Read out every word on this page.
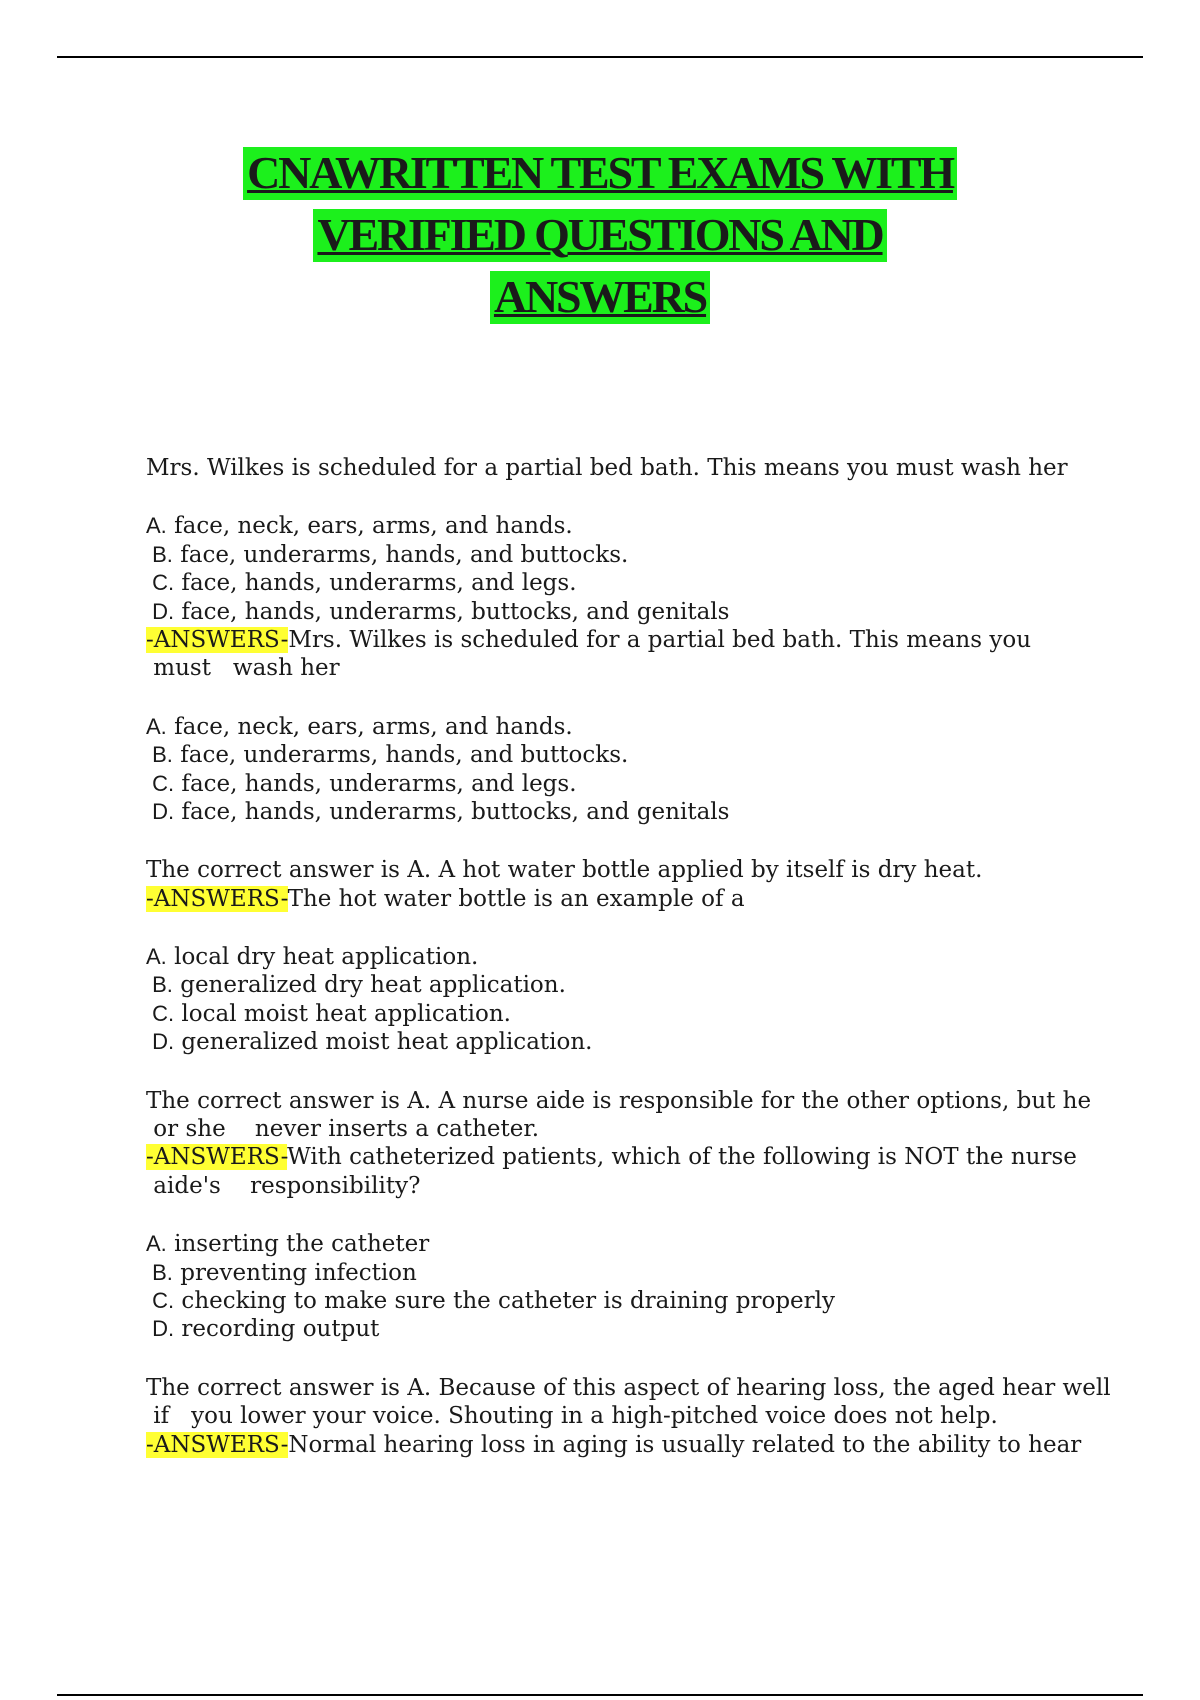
CNAWRITTEN TEST EXAMS WITH
VERIFIED QUESTIONS AND
ANSWERS
Mrs. Wilkes is scheduled for a partial bed bath. This means you must wash her
A. face, neck, ears, arms, and hands.
B. face, underarms, hands, and buttocks.
C. face, hands, underarms, and legs.
D. face, hands, underarms, buttocks, and genitals
-ANSWERS-Mrs. Wilkes is scheduled for a partial bed bath. This means you
must   wash her
A. face, neck, ears, arms, and hands.
B. face, underarms, hands, and buttocks.
C. face, hands, underarms, and legs.
D. face, hands, underarms, buttocks, and genitals
The correct answer is A. A hot water bottle applied by itself is dry heat.
-ANSWERS-The hot water bottle is an example of a
A. local dry heat application.
B. generalized dry heat application.
C. local moist heat application.
D. generalized moist heat application.
The correct answer is A. A nurse aide is responsible for the other options, but he
or she    never inserts a catheter.
-ANSWERS-With catheterized patients, which of the following is NOT the nurse
aide's    responsibility?
A. inserting the catheter
B. preventing infection
C. checking to make sure the catheter is draining properly
D. recording output
The correct answer is A. Because of this aspect of hearing loss, the aged hear well
if   you lower your voice. Shouting in a high-pitched voice does not help.
-ANSWERS-Normal hearing loss in aging is usually related to the ability to hear
